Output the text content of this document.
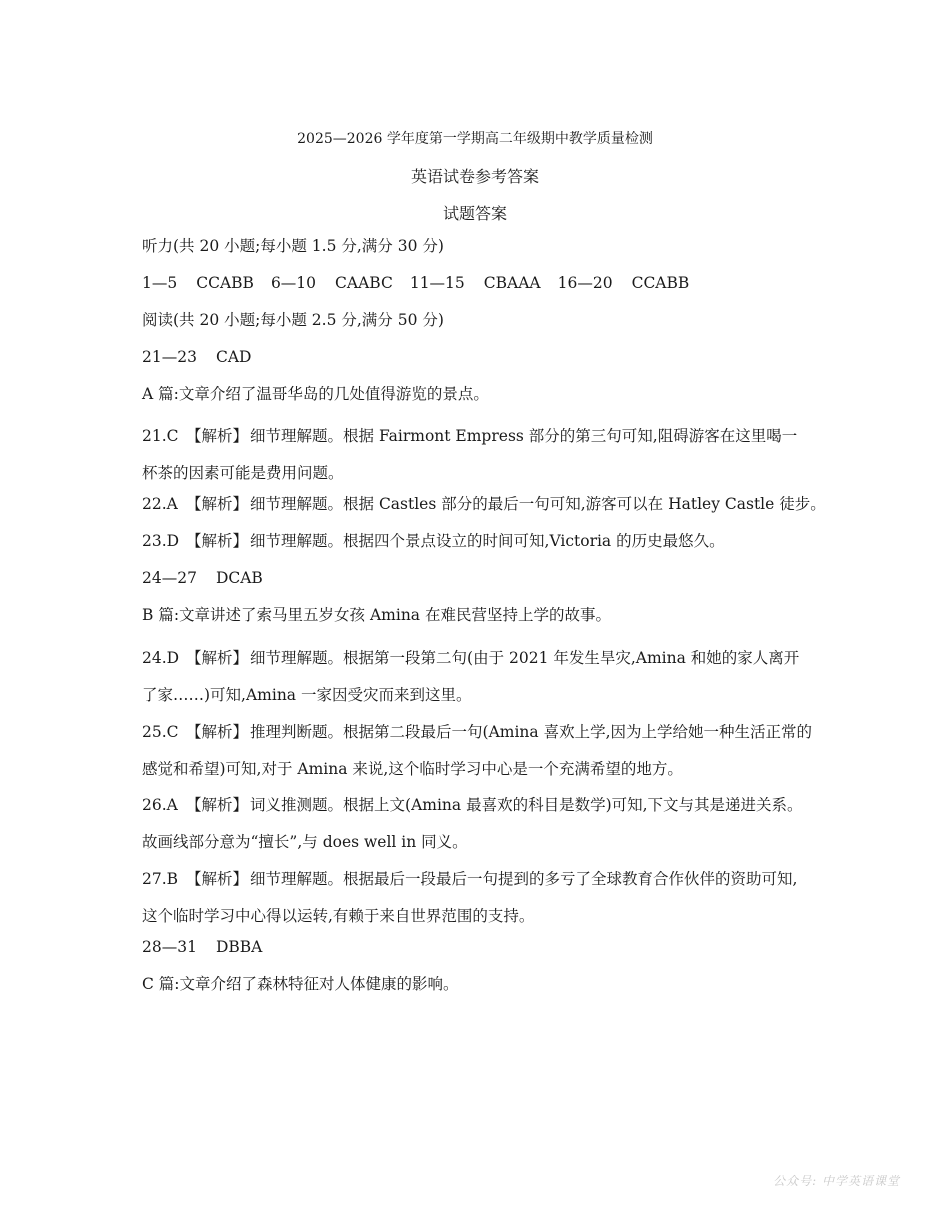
2025—2026 学年度第一学期高二年级期中教学质量检测
英语试卷参考答案
试题答案
听力(共 20 小题;每小题 1.5 分,满分 30 分)
1—5 CCABB 6—10 CAABC 11—15 CBAAA 16—20 CCABB
阅读(共 20 小题;每小题 2.5 分,满分 50 分)
21—23 CAD
A 篇:文章介绍了温哥华岛的几处值得游览的景点。
21.C 【解析】 细节理解题。根据 Fairmont Empress 部分的第三句可知,阻碍游客在这里喝一杯茶的因素可能是费用问题。
22.A 【解析】 细节理解题。根据 Castles 部分的最后一句可知,游客可以在 Hatley Castle 徒步。
23.D 【解析】 细节理解题。根据四个景点设立的时间可知,Victoria 的历史最悠久。
24—27 DCAB
B 篇:文章讲述了索马里五岁女孩 Amina 在难民营坚持上学的故事。
24.D 【解析】 细节理解题。根据第一段第二句(由于 2021 年发生旱灾,Amina 和她的家人离开了家……)可知,Amina 一家因受灾而来到这里。
25.C 【解析】 推理判断题。根据第二段最后一句(Amina 喜欢上学,因为上学给她一种生活正常的感觉和希望)可知,对于 Amina 来说,这个临时学习中心是一个充满希望的地方。
26.A 【解析】 词义推测题。根据上文(Amina 最喜欢的科目是数学)可知,下文与其是递进关系。故画线部分意为“擅长”,与 does well in 同义。
27.B 【解析】 细节理解题。根据最后一段最后一句提到的多亏了全球教育合作伙伴的资助可知,这个临时学习中心得以运转,有赖于来自世界范围的支持。
28—31 DBBA
C 篇:文章介绍了森林特征对人体健康的影响。
公众号: 中学英语课堂
